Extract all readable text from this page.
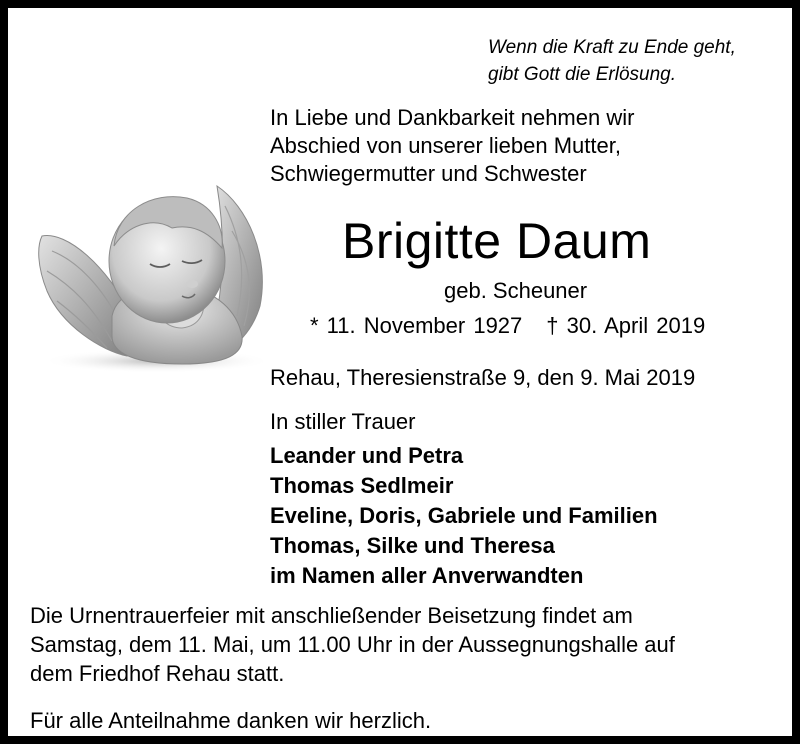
Wenn die Kraft zu Ende geht,
gibt Gott die Erlösung.
In Liebe und Dankbarkeit nehmen wir
Abschied von unserer lieben Mutter,
Schwiegermutter und Schwester
Brigitte Daum
geb. Scheuner
* 11. November 1927 † 30. April 2019
Rehau, Theresienstraße 9, den 9. Mai 2019
In stiller Trauer
Leander und Petra
Thomas Sedlmeir
Eveline, Doris, Gabriele und Familien
Thomas, Silke und Theresa
im Namen aller Anverwandten
Die Urnentrauerfeier mit anschließender Beisetzung findet am
Samstag, dem 11. Mai, um 11.00 Uhr in der Aussegnungshalle auf
dem Friedhof Rehau statt.
Für alle Anteilnahme danken wir herzlich.
